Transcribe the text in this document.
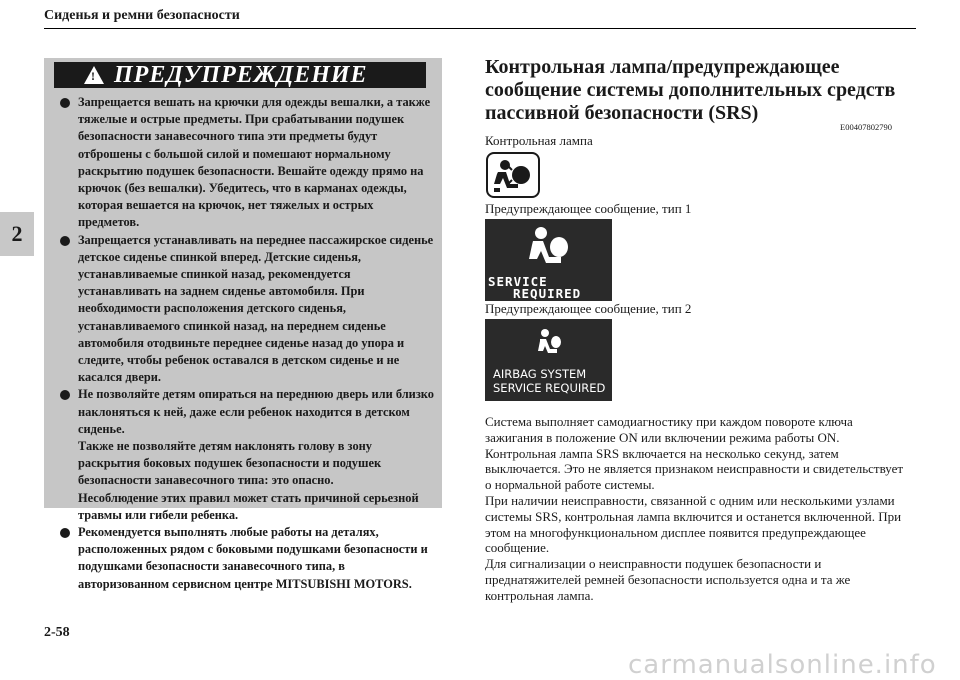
Сиденья и ремни безопасности
2
! ПРЕДУПРЕЖДЕНИЕ

Запрещается вешать на крючки для одежды вешалки, а также тяжелые и острые предметы. При срабатывании подушек безопасности занавесочного типа эти предметы будут отброшены с большой силой и помешают нормальному раскрытию подушек безопасности. Вешайте одежду прямо на крючок (без вешалки). Убедитесь, что в карманах одежды, которая вешается на крючок, нет тяжелых и острых предметов.

Запрещается устанавливать на переднее пассажирское сиденье детское сиденье спинкой вперед. Детские сиденья, устанавливаемые спинкой назад, рекомендуется устанавливать на заднем сиденье автомобиля. При необходимости расположения детского сиденья, устанавливаемого спинкой назад, на переднем сиденье автомобиля отодвиньте переднее сиденье назад до упора и следите, чтобы ребенок оставался в детском сиденье и не касался двери.

Не позволяйте детям опираться на переднюю дверь или близко наклоняться к ней, даже если ребенок находится в детском сиденье.

Также не позволяйте детям наклонять голову в зону раскрытия боковых подушек безопасности и подушек безопасности занавесочного типа: это опасно.

Несоблюдение этих правил может стать причиной серьезной травмы или гибели ребенка.

Рекомендуется выполнять любые работы на деталях, расположенных рядом с боковыми подушками безопасности и подушками безопасности занавесочного типа, в авторизованном сервисном центре MITSUBISHI MOTORS.

Контрольная лампа/предупреждающее сообщение системы дополнительных средств пассивной безопасности (SRS)
E00407802790
Контрольная лампа
Предупреждающее сообщение, тип 1
SERVICE
REQUIRED
Предупреждающее сообщение, тип 2
AIRBAG SYSTEM
SERVICE REQUIRED

Система выполняет самодиагностику при каждом повороте ключа зажигания в положение ON или включении режима работы ON. Контрольная лампа SRS включается на несколько секунд, затем выключается. Это не является признаком неисправности и свидетельствует о нормальной работе системы.

При наличии неисправности, связанной с одним или несколькими узлами системы SRS, контрольная лампа включится и останется включенной. При этом на многофункциональном дисплее появится предупреждающее сообщение.

Для сигнализации о неисправности подушек безопасности и преднатяжителей ремней безопасности используется одна и та же контрольная лампа.

2-58
carmanualsonline.info
